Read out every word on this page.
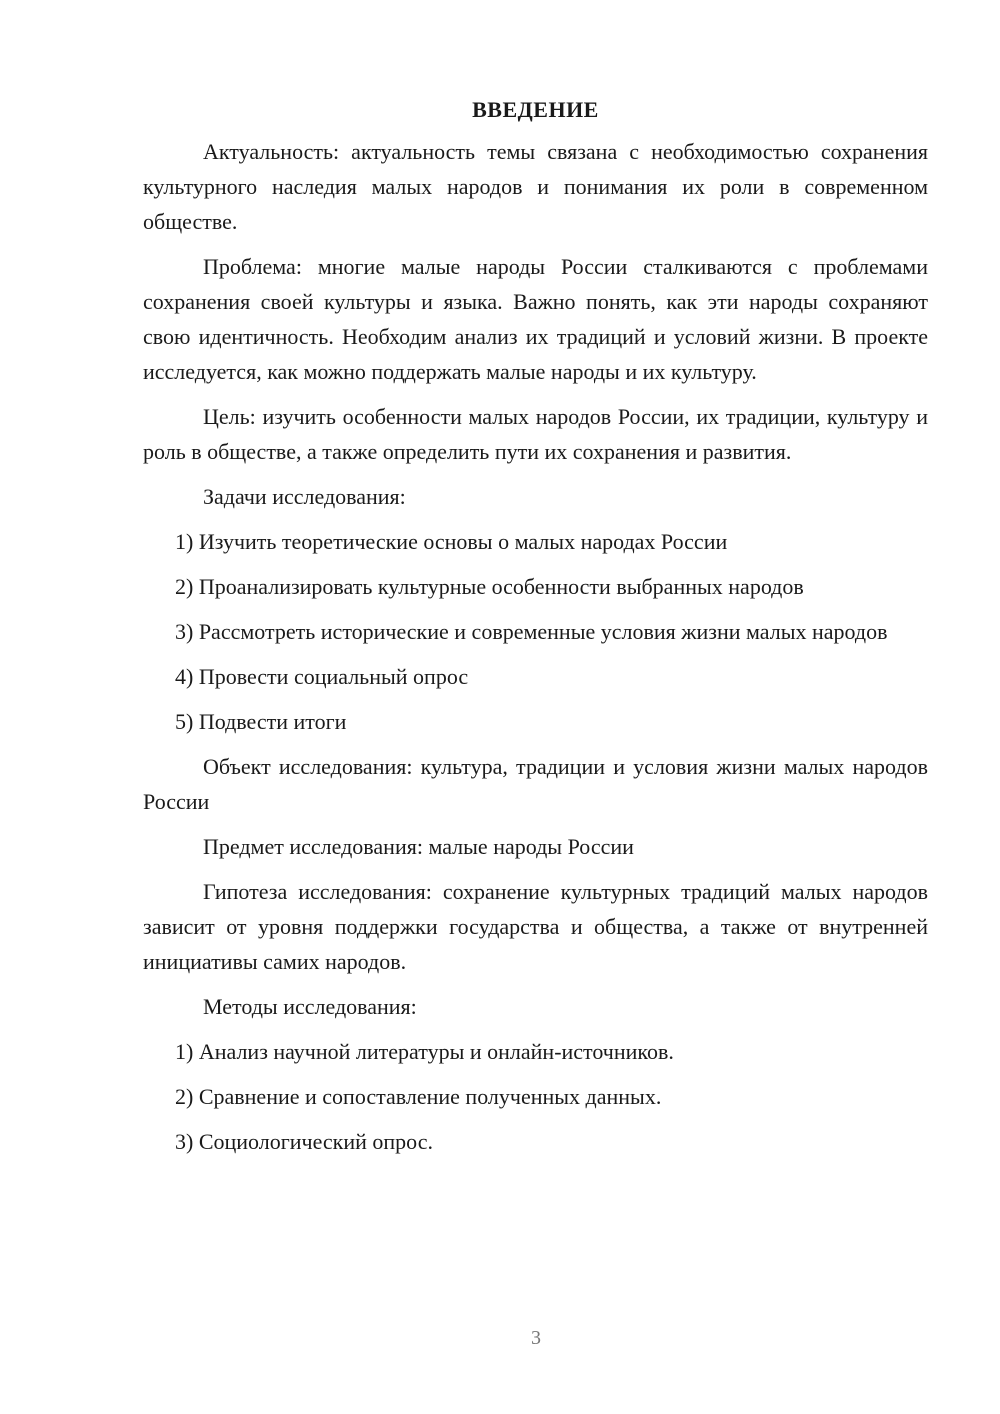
ВВЕДЕНИЕ

Актуальность: актуальность темы связана с необходимостью сохранения культурного наследия малых народов и понимания их роли в современном обществе.

Проблема: многие малые народы России сталкиваются с проблемами сохранения своей культуры и языка. Важно понять, как эти народы сохраняют свою идентичность. Необходим анализ их традиций и условий жизни. В проекте исследуется, как можно поддержать малые народы и их культуру.

Цель: изучить особенности малых народов России, их традиции, культуру и роль в обществе, а также определить пути их сохранения и развития.

Задачи исследования:

1) Изучить теоретические основы о малых народах России

2) Проанализировать культурные особенности выбранных народов

3) Рассмотреть исторические и современные условия жизни малых народов

4) Провести социальный опрос

5) Подвести итоги

Объект исследования: культура, традиции и условия жизни малых народов России

Предмет исследования: малые народы России

Гипотеза исследования: сохранение культурных традиций малых народов зависит от уровня поддержки государства и общества, а также от внутренней инициативы самих народов.

Методы исследования:

1) Анализ научной литературы и онлайн-источников.

2) Сравнение и сопоставление полученных данных.

3) Социологический опрос.

3
